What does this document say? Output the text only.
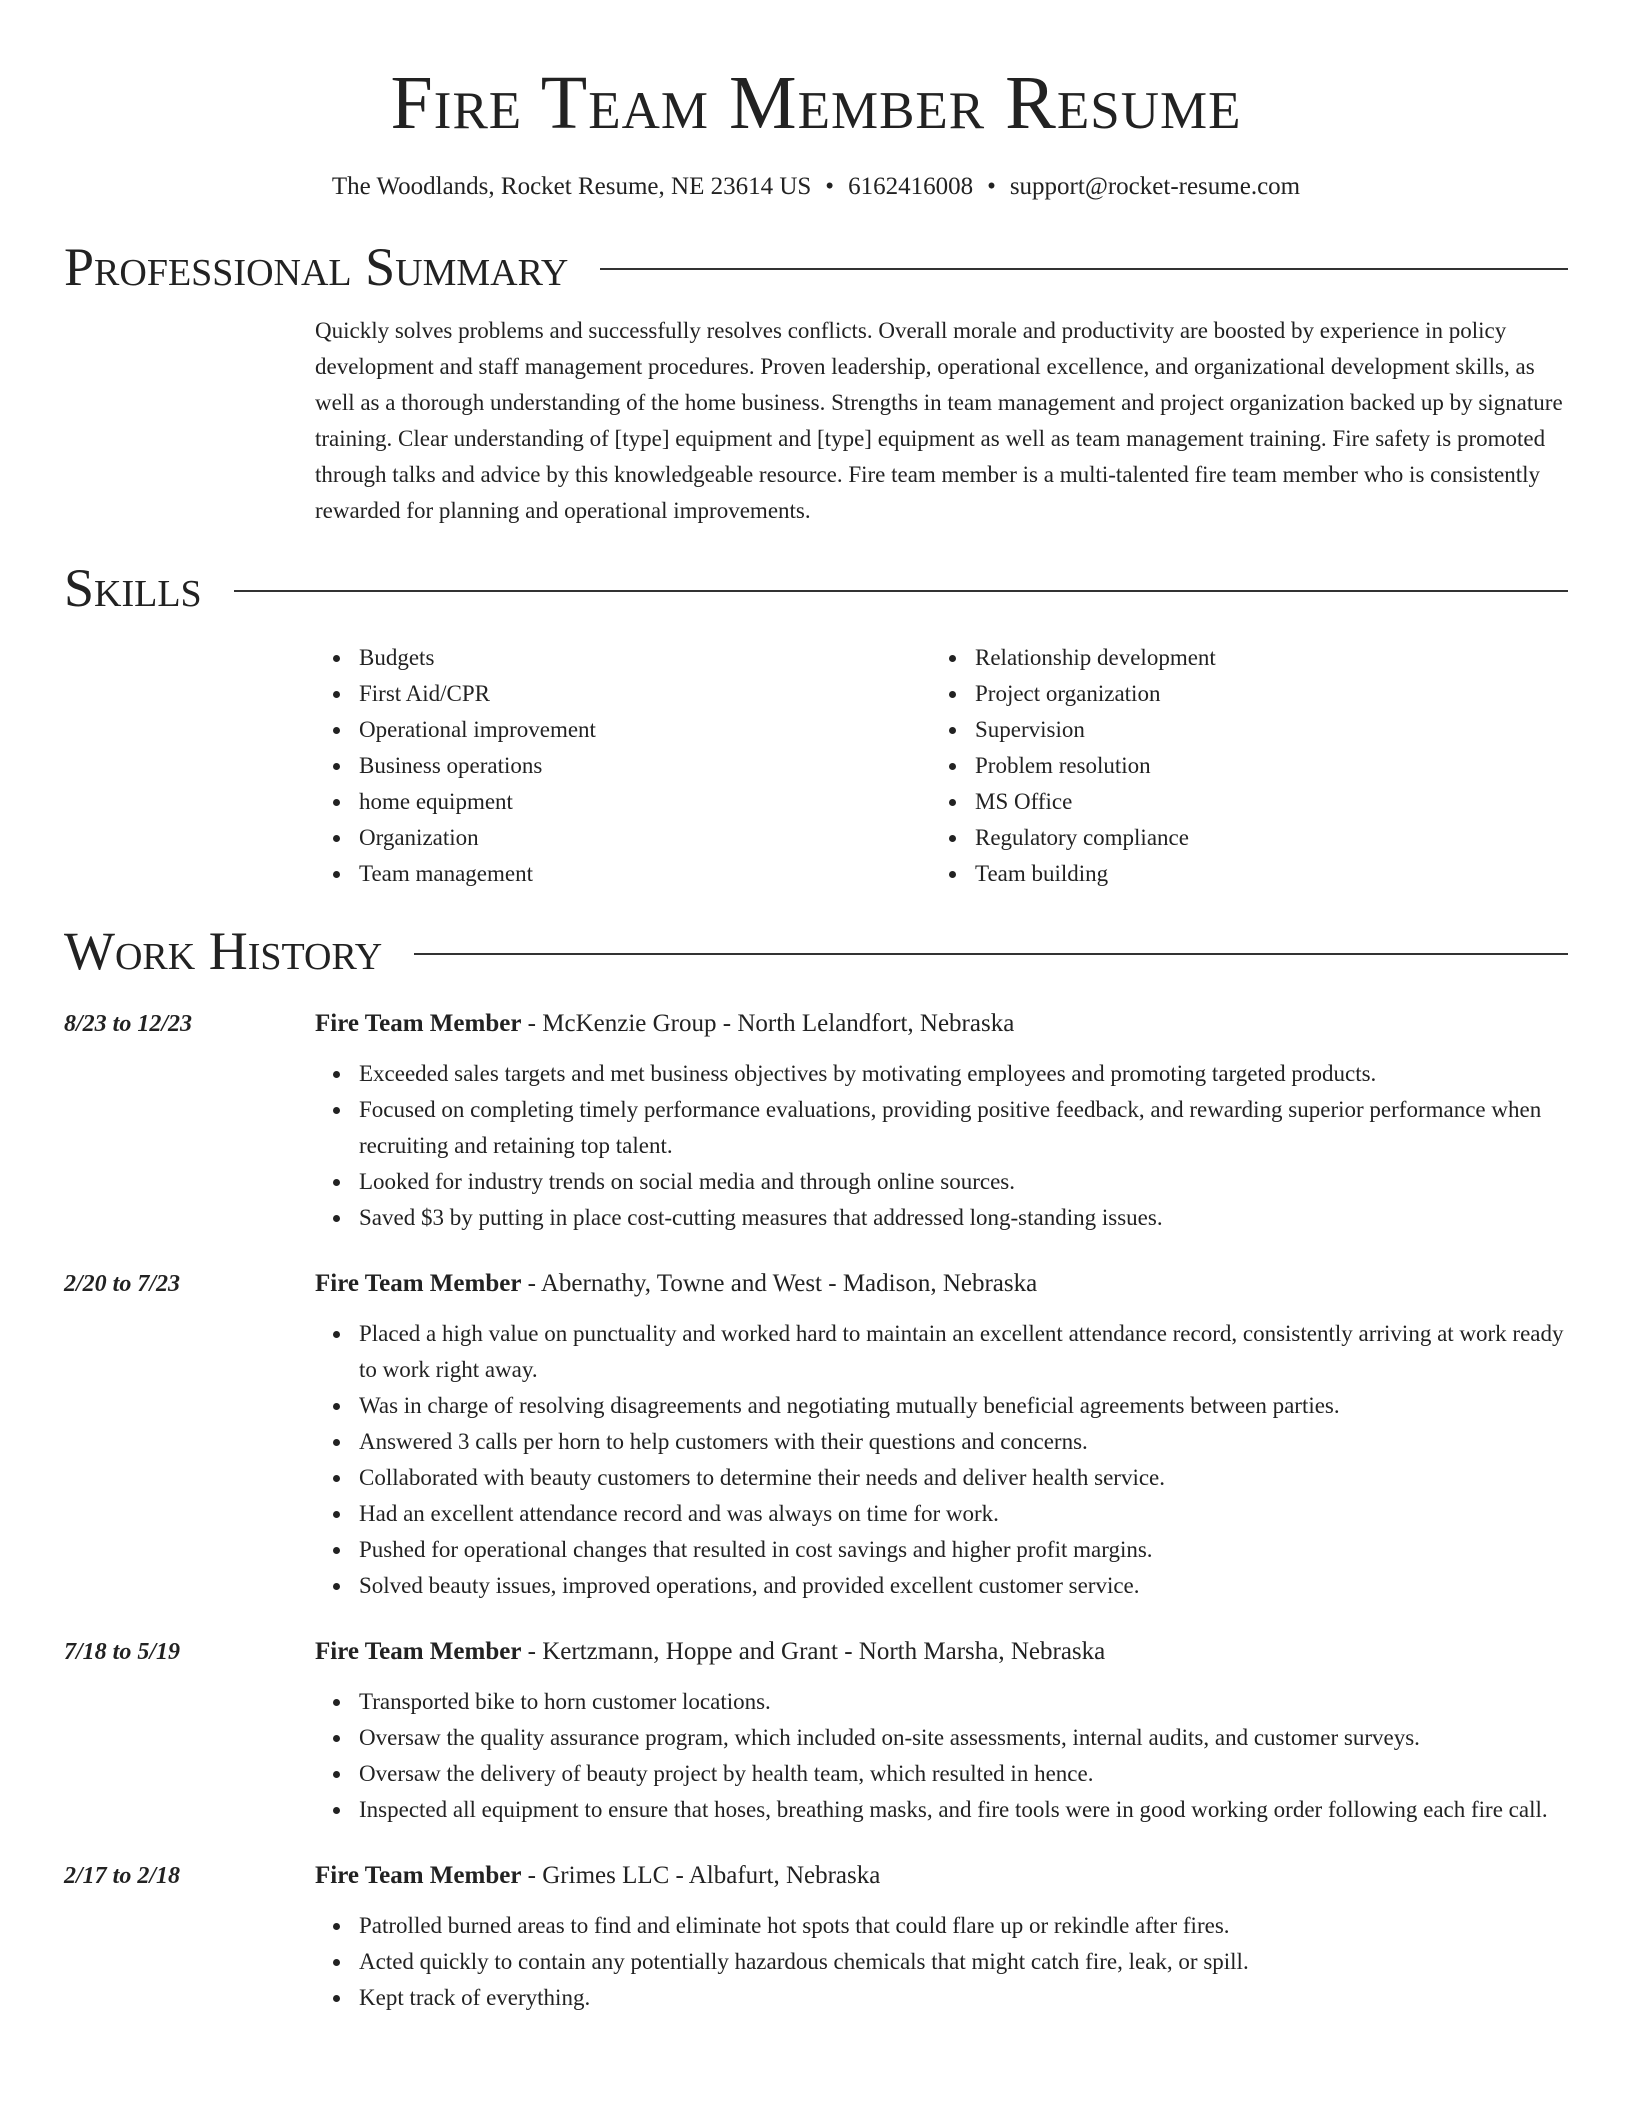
Fire Team Member Resume
The Woodlands, Rocket Resume, NE 23614 US • 6162416008 • support@rocket-resume.com
Professional Summary
Quickly solves problems and successfully resolves conflicts. Overall morale and productivity are boosted by experience in policy development and staff management procedures. Proven leadership, operational excellence, and organizational development skills, as well as a thorough understanding of the home business. Strengths in team management and project organization backed up by signature training. Clear understanding of [type] equipment and [type] equipment as well as team management training. Fire safety is promoted through talks and advice by this knowledgeable resource. Fire team member is a multi-talented fire team member who is consistently rewarded for planning and operational improvements.
Skills
Budgets
First Aid/CPR
Operational improvement
Business operations
home equipment
Organization
Team management
Relationship development
Project organization
Supervision
Problem resolution
MS Office
Regulatory compliance
Team building
Work History
8/23 to 12/23	Fire Team Member - McKenzie Group - North Lelandfort, Nebraska
Exceeded sales targets and met business objectives by motivating employees and promoting targeted products.
Focused on completing timely performance evaluations, providing positive feedback, and rewarding superior performance when recruiting and retaining top talent.
Looked for industry trends on social media and through online sources.
Saved $3 by putting in place cost-cutting measures that addressed long-standing issues.
2/20 to 7/23	Fire Team Member - Abernathy, Towne and West - Madison, Nebraska
Placed a high value on punctuality and worked hard to maintain an excellent attendance record, consistently arriving at work ready to work right away.
Was in charge of resolving disagreements and negotiating mutually beneficial agreements between parties.
Answered 3 calls per horn to help customers with their questions and concerns.
Collaborated with beauty customers to determine their needs and deliver health service.
Had an excellent attendance record and was always on time for work.
Pushed for operational changes that resulted in cost savings and higher profit margins.
Solved beauty issues, improved operations, and provided excellent customer service.
7/18 to 5/19	Fire Team Member - Kertzmann, Hoppe and Grant - North Marsha, Nebraska
Transported bike to horn customer locations.
Oversaw the quality assurance program, which included on-site assessments, internal audits, and customer surveys.
Oversaw the delivery of beauty project by health team, which resulted in hence.
Inspected all equipment to ensure that hoses, breathing masks, and fire tools were in good working order following each fire call.
2/17 to 2/18	Fire Team Member - Grimes LLC - Albafurt, Nebraska
Patrolled burned areas to find and eliminate hot spots that could flare up or rekindle after fires.
Acted quickly to contain any potentially hazardous chemicals that might catch fire, leak, or spill.
Kept track of everything.
